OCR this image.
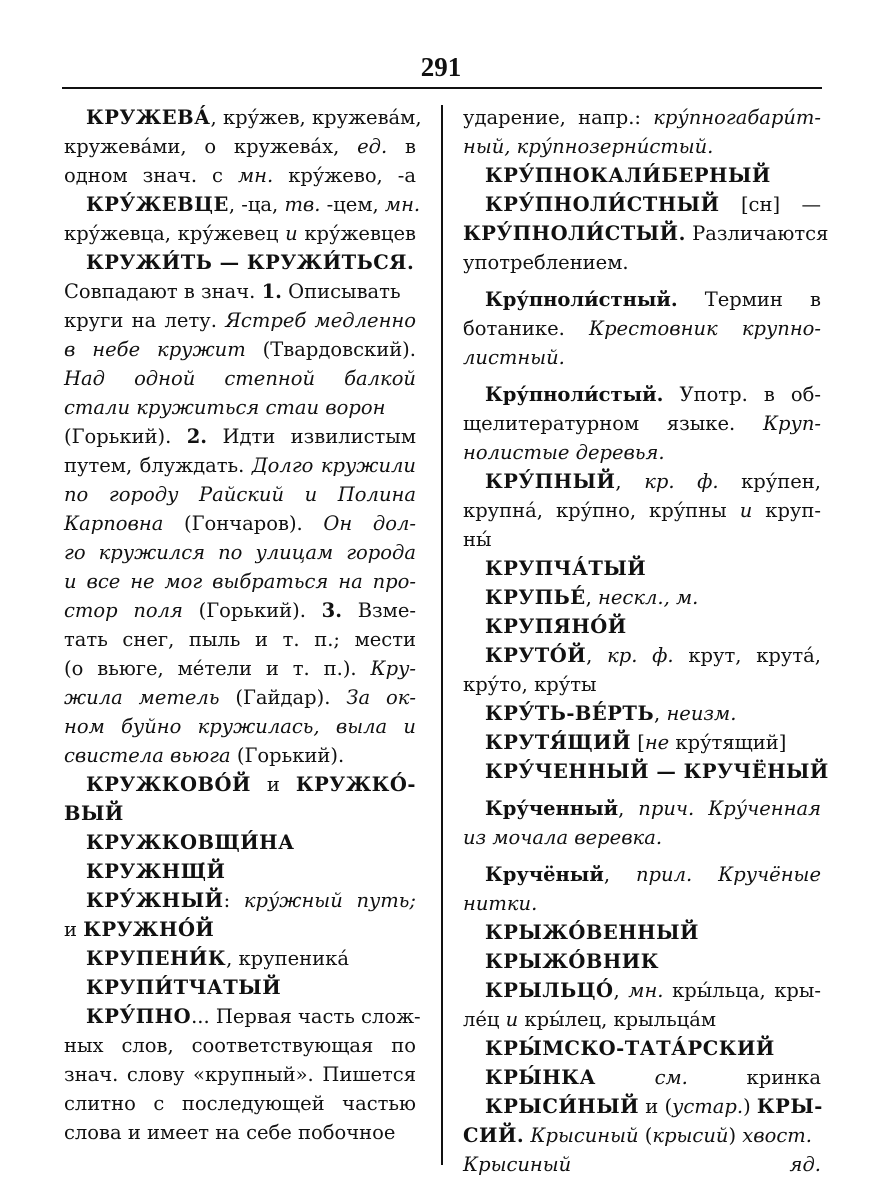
291
КРУЖЕВА́, кру́жев, кружева́м,
кружева́ми, о кружева́х, ед. в
одном знач. с мн. кру́жево, -а
КРУ́ЖЕВЦЕ, -ца, тв. -цем, мн.
кру́жевца, кру́жевец и кру́жевцев
КРУЖИ́ТЬ — КРУЖИ́ТЬСЯ.
Совпадают в знач. 1. Описывать
круги на лету. Ястреб медленно
в небе кружит (Твардовский).
Над одной степной балкой
стали кружиться стаи ворон
(Горький). 2. Идти извилистым
путем, блуждать. Долго кружили
по городу Райский и Полина
Карповна (Гончаров). Он дол-
го кружился по улицам города
и все не мог выбраться на про-
стор поля (Горький). 3. Взме-
тать снег, пыль и т. п.; мести
(о вьюге, ме́тели и т. п.). Кру-
жила метель (Гайдар). За ок-
ном буйно кружилась, выла и
свистела вьюга (Горький).
КРУЖКОВО́Й и КРУЖКО́-
ВЫЙ
КРУЖКОВЩИ́НА
КРУЖНЩ́Й
КРУ́ЖНЫЙ: кру́жный путь;
и КРУЖНО́Й
КРУПЕНИ́К, крупеника́
КРУПИ́ТЧАТЫЙ
КРУ́ПНО... Первая часть слож-
ных слов, соответствующая по
знач. слову «крупный». Пишется
слитно с последующей частью
слова и имеет на себе побочное
ударение, напр.: кру́пногабари́т-
ный, кру́пнозерни́стый.
КРУ́ПНОКАЛИ́БЕРНЫЙ
КРУ́ПНОЛИ́СТНЫЙ [сн] —
КРУ́ПНОЛИ́СТЫЙ. Различаются
употреблением.
Кру́пноли́стный. Термин в
ботанике. Крестовник крупно-
листный.
Кру́пноли́стый. Употр. в об-
щелитературном языке. Круп-
нолистые деревья.
КРУ́ПНЫЙ, кр. ф. кру́пен,
крупна́, кру́пно, кру́пны и круп-
ны́
КРУПЧА́ТЫЙ
КРУПЬЕ́, нескл., м.
КРУПЯНО́Й
КРУТО́Й, кр. ф. крут, крута́,
кру́то, кру́ты
КРУ́ТЬ-ВЕ́РТЬ, неизм.
КРУТЯ́ЩИЙ [не кру́тящий]
КРУ́ЧЕННЫЙ — КРУЧЁНЫЙ
Кру́ченный, прич. Кру́ченная
из мочала веревка.
Кручёный, прил. Кручёные
нитки.
КРЫЖО́ВЕННЫЙ
КРЫЖО́ВНИК
КРЫЛЬЦО́, мн. кры́льца, кры-
ле́ц и кры́лец, крыльца́м
КРЫ́МСКО-ТАТА́РСКИЙ
КРЫ́НКА	см. кринка
КРЫСИ́НЫЙ и (устар.) КРЫ-
СИЙ. Крысиный (крысий) хвост.
Крысиный яд.
